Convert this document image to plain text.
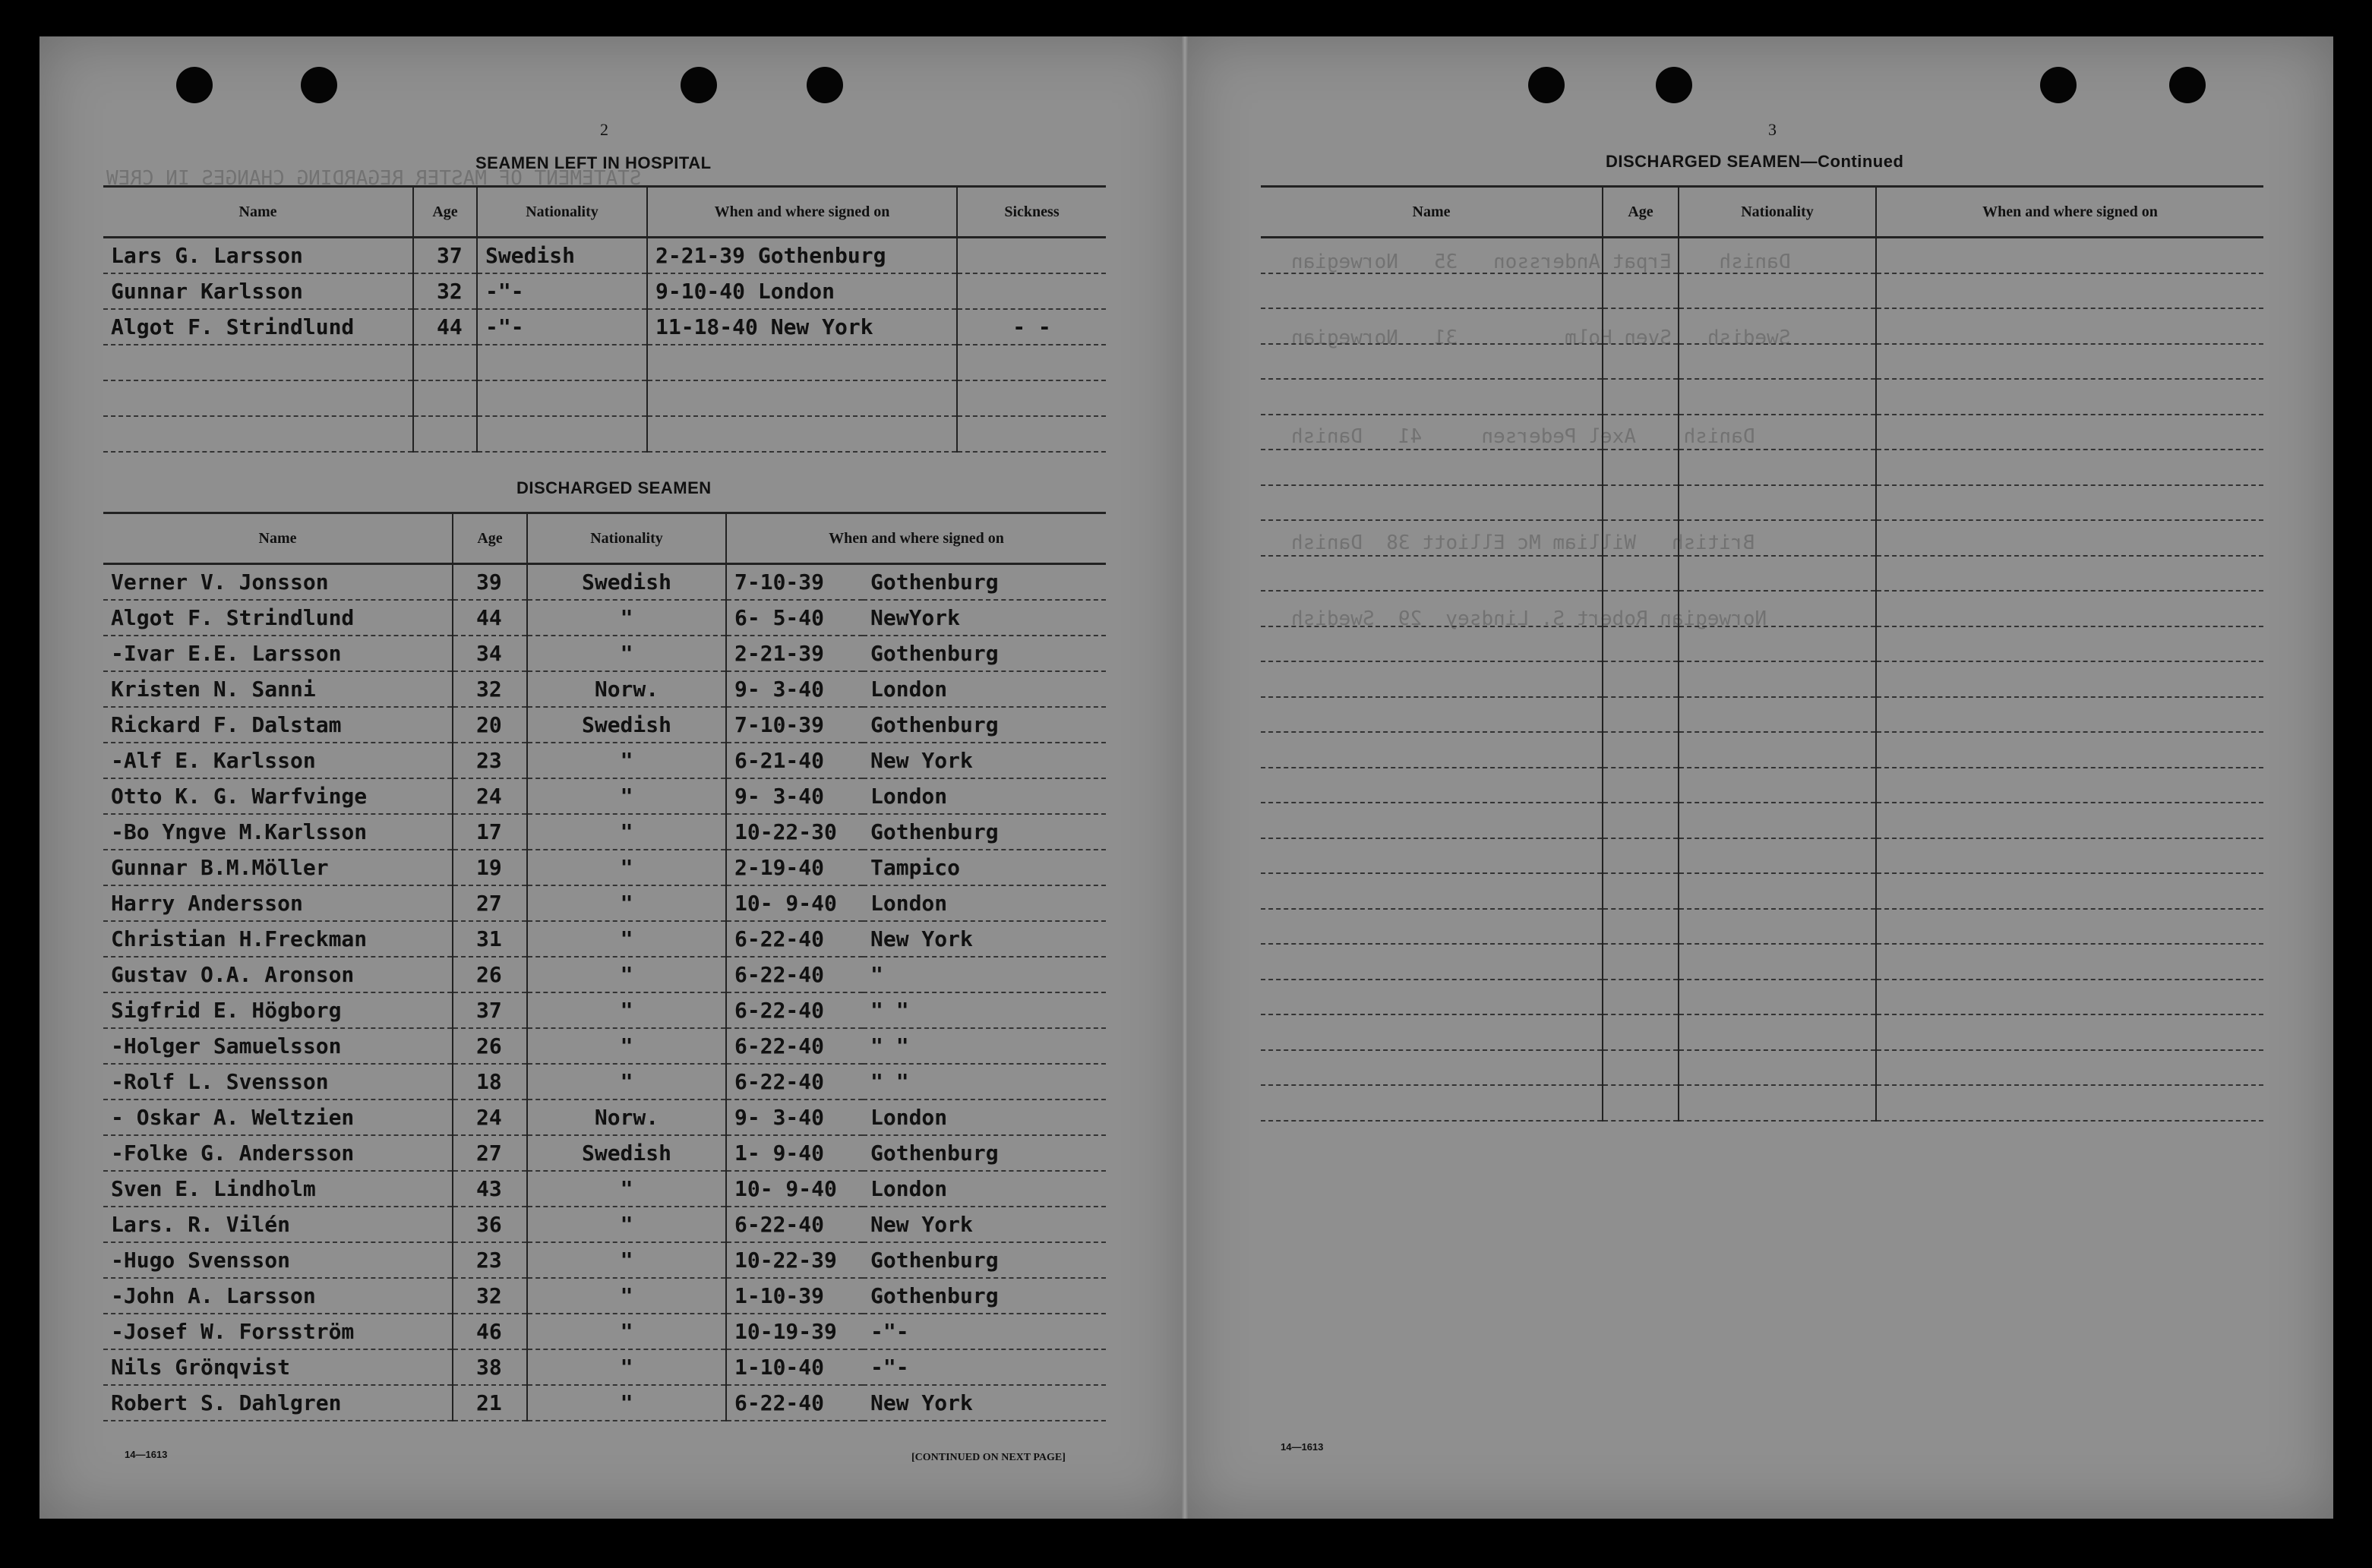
STATEMENT OF MASTER REGARDING CHANGES IN CREW
Danish    Erpat Andersson   35   Norwegian
Swedish   Sven Holm         31   Norwegian
Danish    Axel Pedersen     41   Danish
British   William Mc Elliott 38  Danish
Norwegian Robert S. Lindsey  29  Swedish
2
SEAMEN LEFT IN HOSPITAL
Name	Age	Nationality	When and where signed on	Sickness
Lars G. Larsson	37	Swedish	2-21-39 Gothenburg	
Gunnar Karlsson	32	-"-	9-10-40 London	
Algot F. Strindlund	44	-"-	11-18-40 New York	- -

DISCHARGED SEAMEN
Name	Age	Nationality	When and where signed on	
Verner V. Jonsson	39	Swedish	7-10-39	Gothenburg
Algot F. Strindlund	44	"	6- 5-40	NewYork
-Ivar E.E. Larsson	34	"	2-21-39	Gothenburg
Kristen N. Sanni	32	Norw.	9- 3-40	London
Rickard F. Dalstam	20	Swedish	7-10-39	Gothenburg
-Alf E. Karlsson	23	"	6-21-40	New York
Otto K. G. Warfvinge	24	"	9- 3-40	London
-Bo Yngve M.Karlsson	17	"	10-22-30	Gothenburg
Gunnar B.M.Möller	19	"	2-19-40	Tampico
Harry Andersson	27	"	10- 9-40	London
Christian H.Freckman	31	"	6-22-40	New York
Gustav O.A. Aronson	26	"	6-22-40	"
Sigfrid E. Högborg	37	"	6-22-40	" "
-Holger Samuelsson	26	"	6-22-40	" "
-Rolf L. Svensson	18	"	6-22-40	" "
- Oskar A. Weltzien	24	Norw.	9- 3-40	London
-Folke G. Andersson	27	Swedish	1- 9-40	Gothenburg
Sven E. Lindholm	43	"	10- 9-40	London
Lars. R. Vilén	36	"	6-22-40	New York
-Hugo Svensson	23	"	10-22-39	Gothenburg
-John A. Larsson	32	"	1-10-39	Gothenburg
-Josef W. Forsström	46	"	10-19-39	-"-
Nils Grönqvist	38	"	1-10-40	-"-
Robert S. Dahlgren	21	"	6-22-40	New York
14—1613	[CONTINUED ON NEXT PAGE]
3
DISCHARGED SEAMEN—Continued
Name	Age	Nationality	When and where signed on

14—1613
